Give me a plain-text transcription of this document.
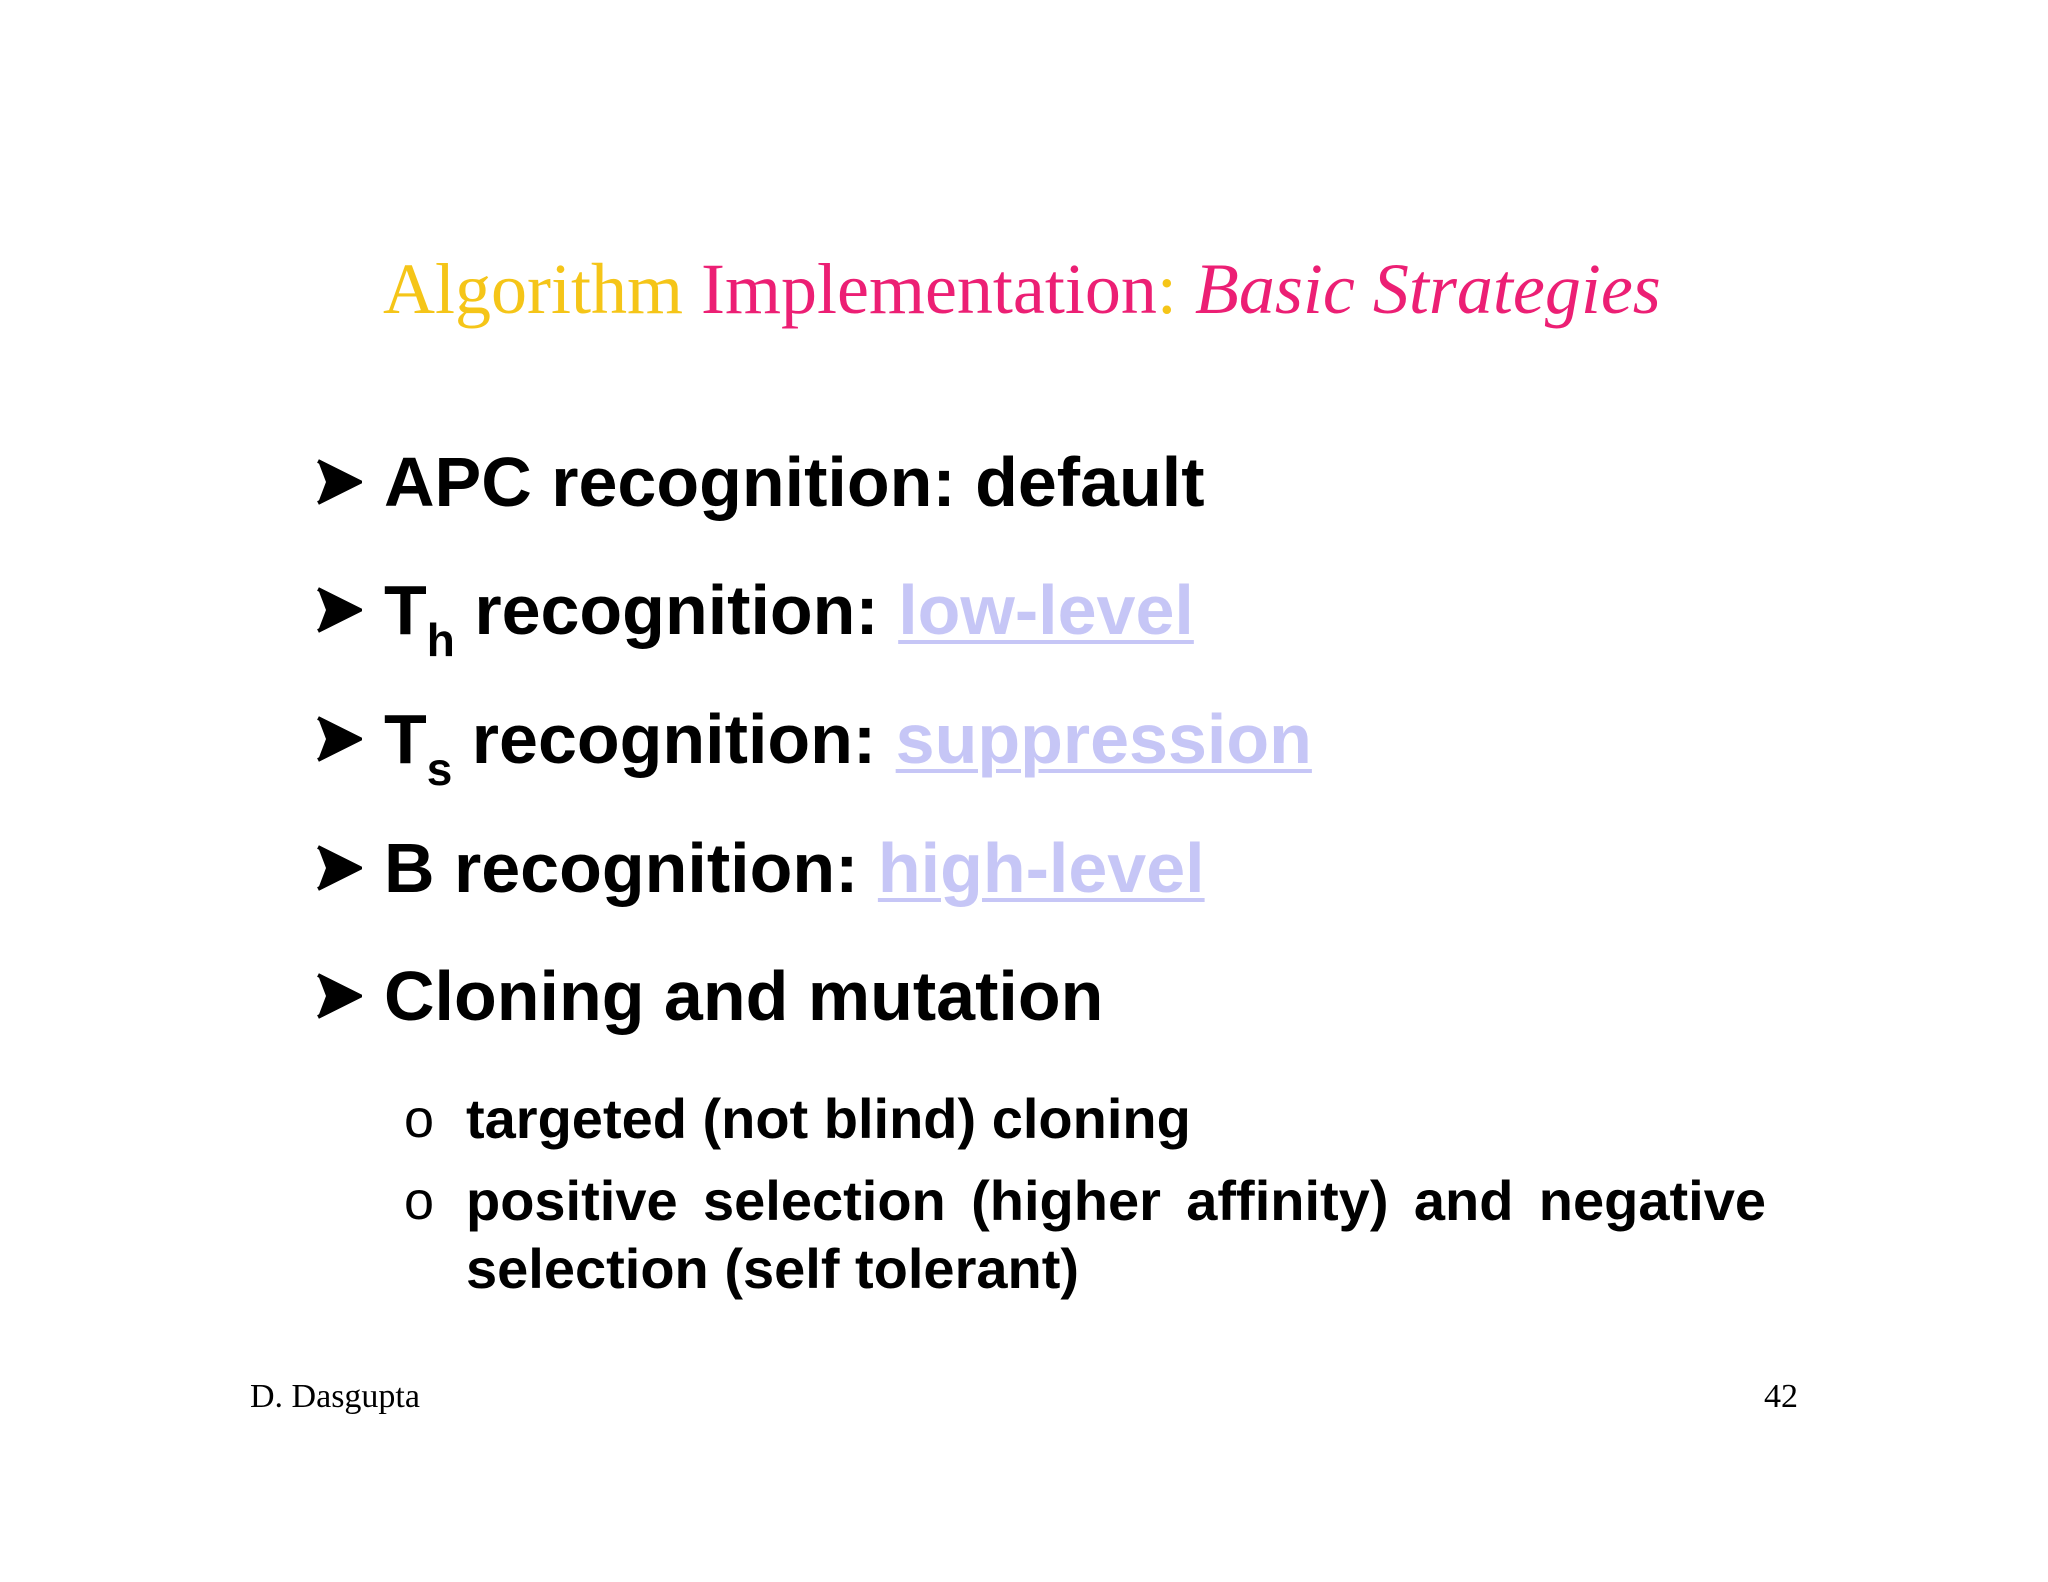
Algorithm Implementation: Basic Strategies
APC recognition: default
$T_h$ recognition: low-level
$T_s$ recognition: suppression
B recognition: high-level
Cloning and mutation
o targeted (not blind) cloning
o positive selection (higher affinity) and negative selection (self tolerant)
D. Dasgupta	42
